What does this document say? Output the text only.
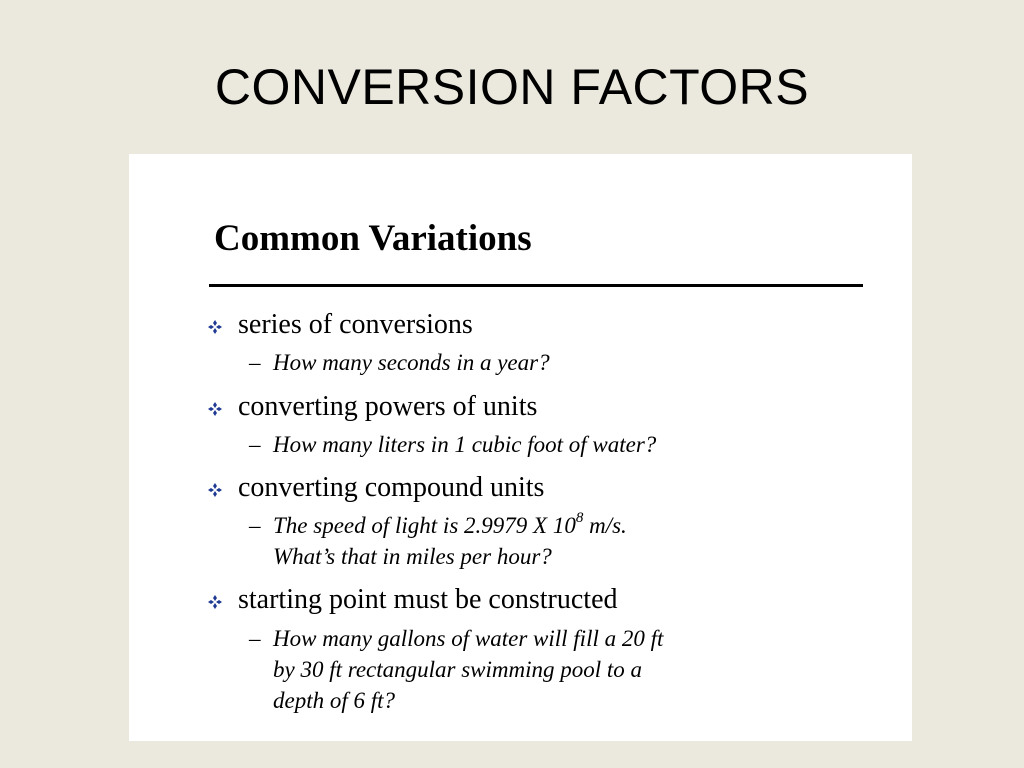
CONVERSION FACTORS
Common Variations
series of conversions
– How many seconds in a year?
converting powers of units
– How many liters in 1 cubic foot of water?
converting compound units
– The speed of light is 2.9979 X $10^8$ m/s.
What’s that in miles per hour?
starting point must be constructed
– How many gallons of water will fill a 20 ft
by 30 ft rectangular swimming pool to a
depth of 6 ft?
